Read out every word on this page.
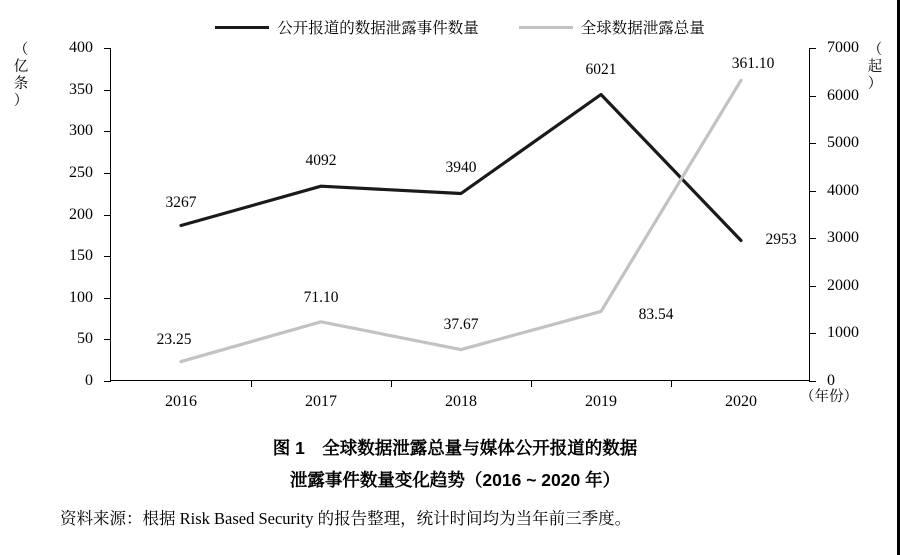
公开报道的数据泄露事件数量	全球数据泄露总量
（
亿
条
）
（
起
）
（年份）
400
350
300
250
200
150
100
50
0
7000
6000
5000
4000
3000
2000
1000
0
2016	2017	2018	2019	2020
3267
4092	3940
6021
2953
23.25
71.10
37.67
83.54
361.10
图 1　全球数据泄露总量与媒体公开报道的数据
泄露事件数量变化趋势（2016 ~ 2020 年）
资料来源：根据 Risk Based Security 的报告整理，统计时间均为当年前三季度。
